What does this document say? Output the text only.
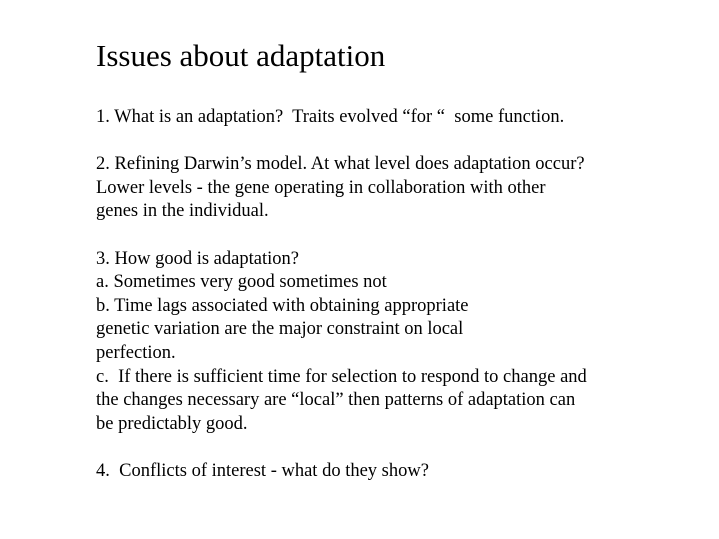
Issues about adaptation
1. What is an adaptation?  Traits evolved “for “  some function.
2. Refining Darwin’s model. At what level does adaptation occur?
Lower levels - the gene operating in collaboration with other
genes in the individual.
3. How good is adaptation?
a. Sometimes very good sometimes not
b. Time lags associated with obtaining appropriate
genetic variation are the major constraint on local
perfection.
c.  If there is sufficient time for selection to respond to change and
the changes necessary are “local” then patterns of adaptation can
be predictably good.
4.  Conflicts of interest - what do they show?
